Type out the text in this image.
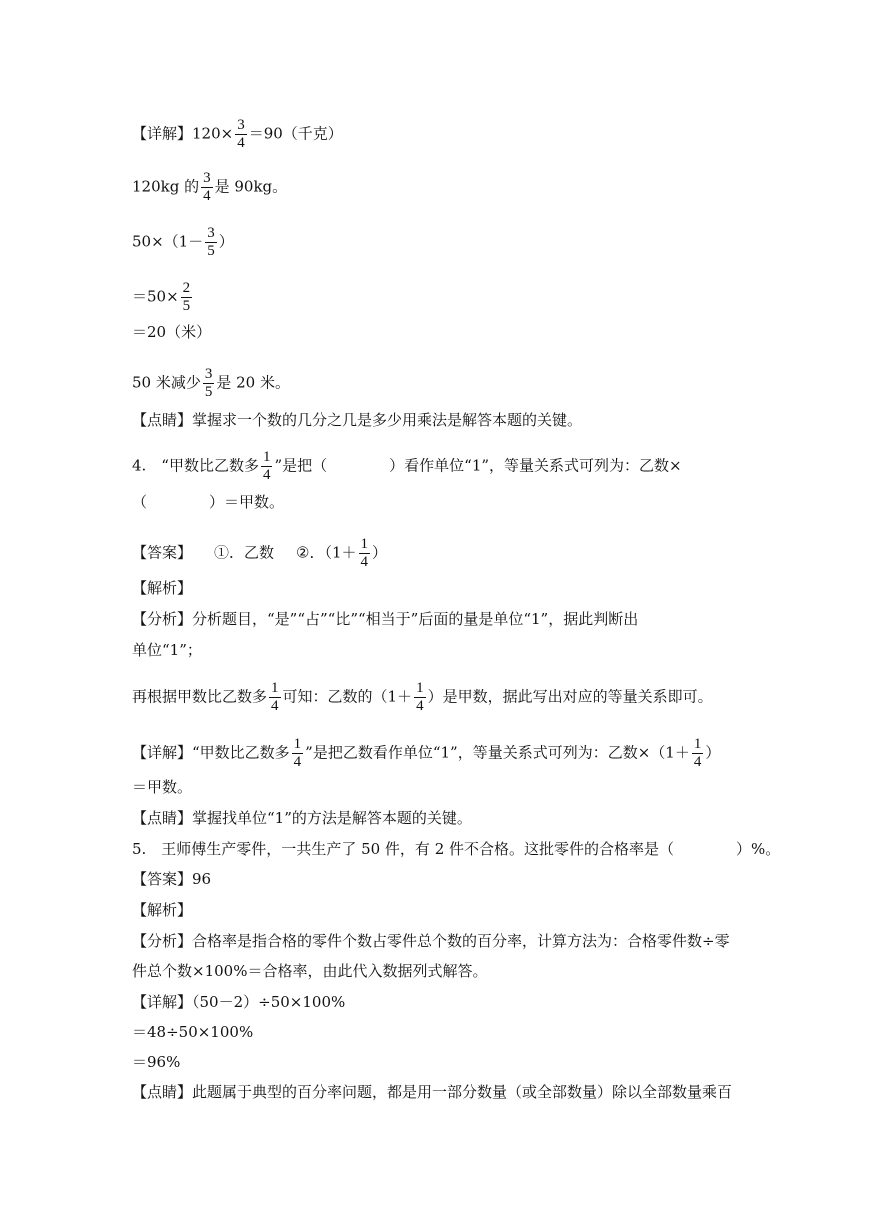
【详解】$120\times \frac{3}{4} =90$（千克）
120kg 的 $\frac{3}{4}$ 是 90kg。
$50\times(1- \frac{3}{5}$ ）
$=50\times \frac{2}{5}$
＝20（米）
50 米减少 $\frac{3}{5}$ 是 20 米。
【点睛】掌握求一个数的几分之几是多少用乘法是解答本题的关键。
4.　“甲数比乙数多 $\frac{1}{4}$ ”是把（	）看作单位“1”，等量关系式可列为：乙数×
（	）＝甲数。
【答案】 ①．乙数 ②．（$1+ \frac{1}{4}$ ）
【解析】
【分析】分析题目，“是”“占”“比”“相当于”后面的量是单位“1”，据此判断出
单位“1”；
再根据甲数比乙数多 $\frac{1}{4}$ 可知：乙数的（$1+ \frac{1}{4}$ ）是甲数，据此写出对应的等量关系即可。
【详解】“甲数比乙数多 $\frac{1}{4}$ ”是把乙数看作单位“1”，等量关系式可列为：乙数$\times(1+ \frac{1}{4}$ ）
＝甲数。
【点睛】掌握找单位“1”的方法是解答本题的关键。
5.　王师傅生产零件，一共生产了 50 件，有 2 件不合格。这批零件的合格率是（	）%。
【答案】96
【解析】
【分析】合格率是指合格的零件个数占零件总个数的百分率，计算方法为：合格零件数÷零
件总个数×100%＝合格率，由此代入数据列式解答。
【详解】（50－2）÷50×100%
＝48÷50×100%
＝96%
【点睛】此题属于典型的百分率问题，都是用一部分数量（或全部数量）除以全部数量乘百
